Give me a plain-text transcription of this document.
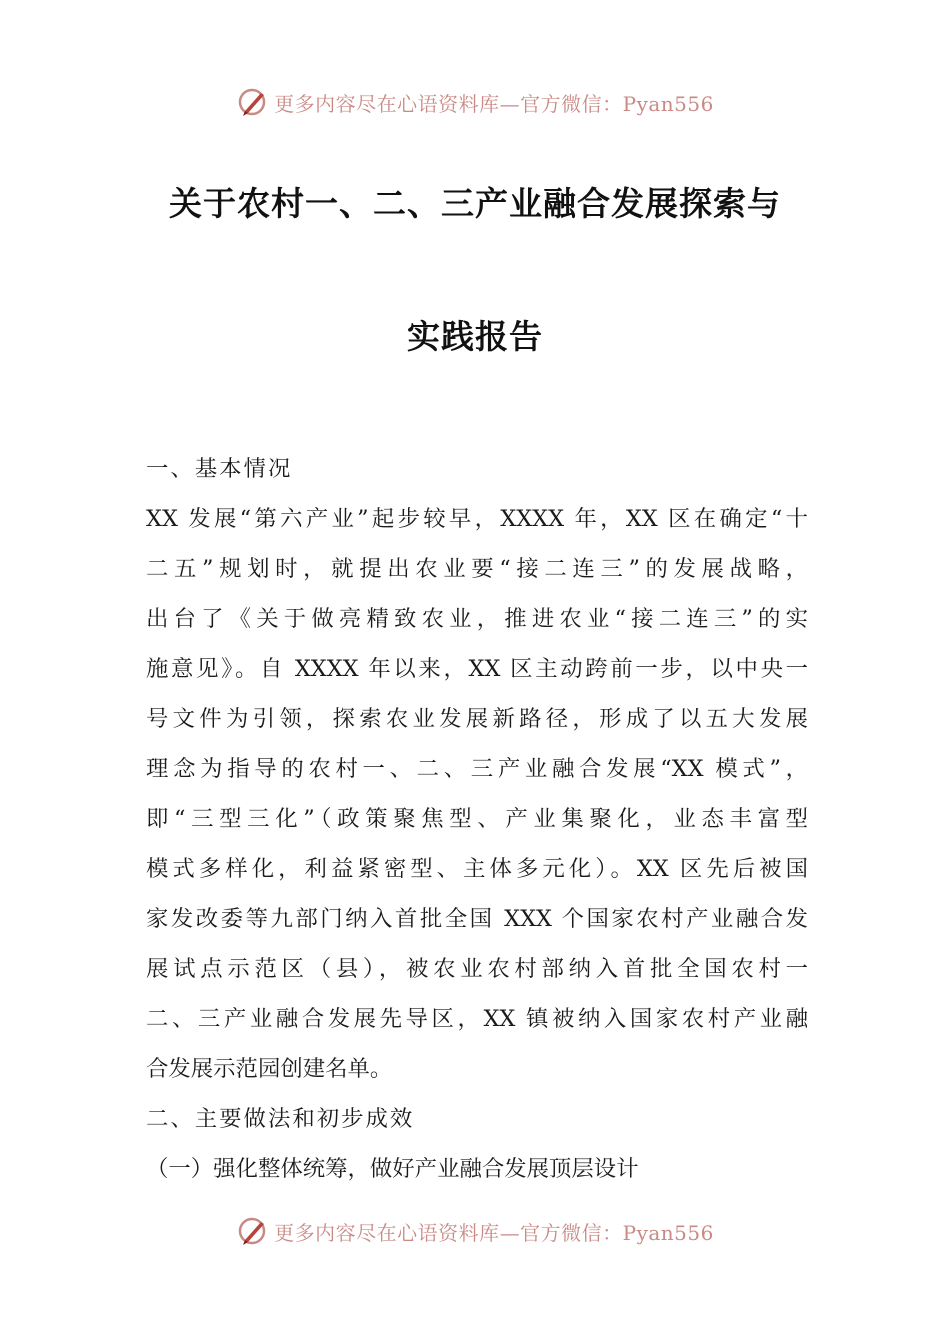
更多内容尽在心语资料库—官方微信：Pyan556
关于农村一、二、三产业融合发展探索与
实践报告
一、基本情况
XX 发展“第六产业”起步较早，XXXX 年，XX 区在确定“十
二五”规划时，就提出农业要“接二连三”的发展战略，
出台了《关于做亮精致农业，推进农业“接二连三”的实
施意见》。自 XXXX 年以来，XX 区主动跨前一步，以中央一
号文件为引领，探索农业发展新路径，形成了以五大发展
理念为指导的农村一、二、三产业融合发展“XX 模式”，
即“三型三化”（政策聚焦型、产业集聚化，业态丰富型
模式多样化，利益紧密型、主体多元化）。XX 区先后被国
家发改委等九部门纳入首批全国 XXX 个国家农村产业融合发
展试点示范区（县），被农业农村部纳入首批全国农村一
二、三产业融合发展先导区，XX 镇被纳入国家农村产业融
合发展示范园创建名单。
二、主要做法和初步成效
（一）强化整体统筹，做好产业融合发展顶层设计
更多内容尽在心语资料库—官方微信：Pyan556
